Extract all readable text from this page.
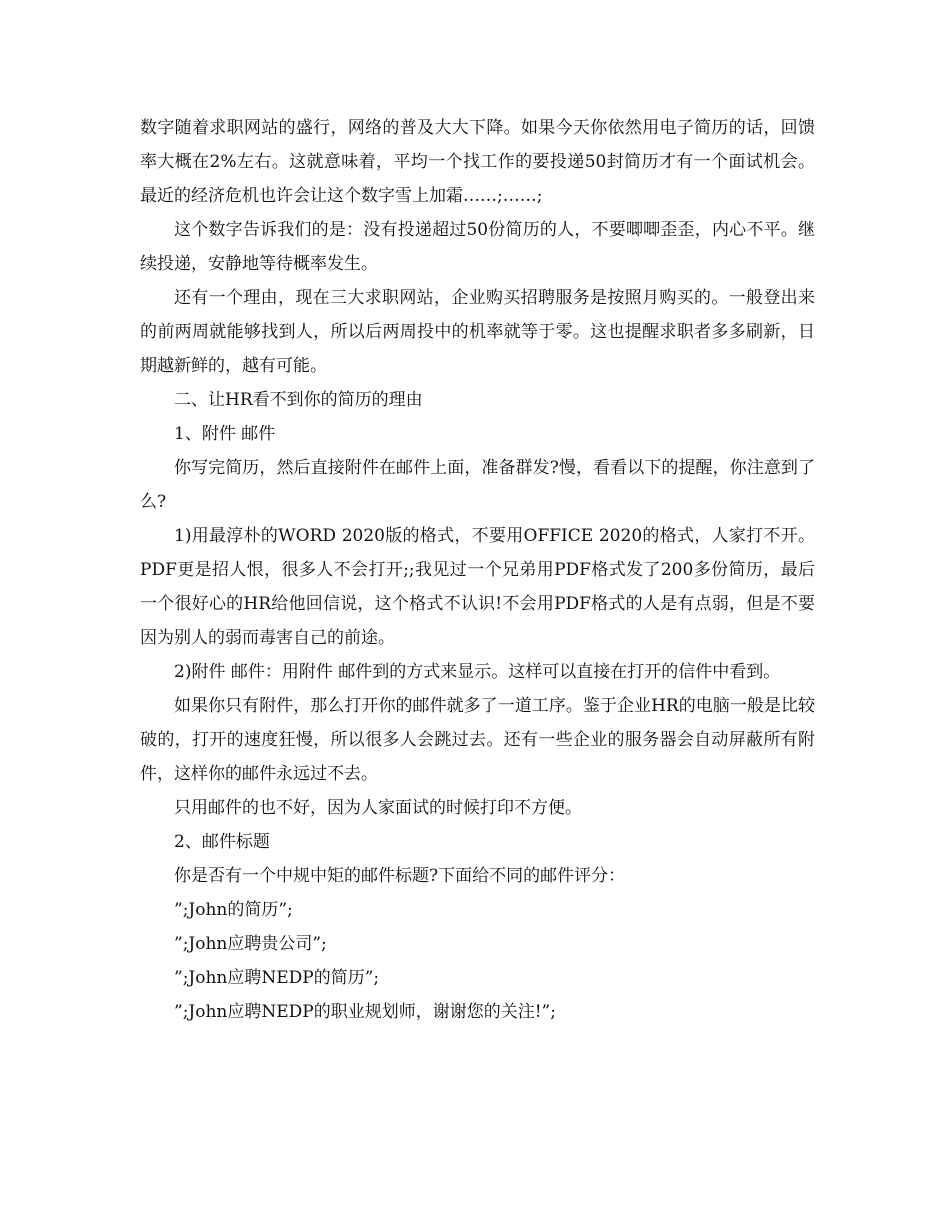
数字随着求职网站的盛行，网络的普及大大下降。如果今天你依然用电子简历的话，回馈率大概在2%左右。这就意味着，平均一个找工作的要投递50封简历才有一个面试机会。最近的经济危机也许会让这个数字雪上加霜……;……;

这个数字告诉我们的是：没有投递超过50份简历的人，不要唧唧歪歪，内心不平。继续投递，安静地等待概率发生。

还有一个理由，现在三大求职网站，企业购买招聘服务是按照月购买的。一般登出来的前两周就能够找到人，所以后两周投中的机率就等于零。这也提醒求职者多多刷新，日期越新鲜的，越有可能。

二、让HR看不到你的简历的理由

1、附件 邮件

你写完简历，然后直接附件在邮件上面，准备群发?慢，看看以下的提醒，你注意到了么?

1)用最淳朴的WORD 2020版的格式，不要用OFFICE 2020的格式，人家打不开。PDF更是招人恨，很多人不会打开;;我见过一个兄弟用PDF格式发了200多份简历，最后一个很好心的HR给他回信说，这个格式不认识!不会用PDF格式的人是有点弱，但是不要因为别人的弱而毒害自己的前途。

2)附件 邮件：用附件 邮件到的方式来显示。这样可以直接在打开的信件中看到。

如果你只有附件，那么打开你的邮件就多了一道工序。鉴于企业HR的电脑一般是比较破的，打开的速度狂慢，所以很多人会跳过去。还有一些企业的服务器会自动屏蔽所有附件，这样你的邮件永远过不去。

只用邮件的也不好，因为人家面试的时候打印不方便。

2、邮件标题

你是否有一个中规中矩的邮件标题?下面给不同的邮件评分：

”;John的简历”;

”;John应聘贵公司”;

”;John应聘NEDP的简历”;

”;John应聘NEDP的职业规划师，谢谢您的关注!”;
